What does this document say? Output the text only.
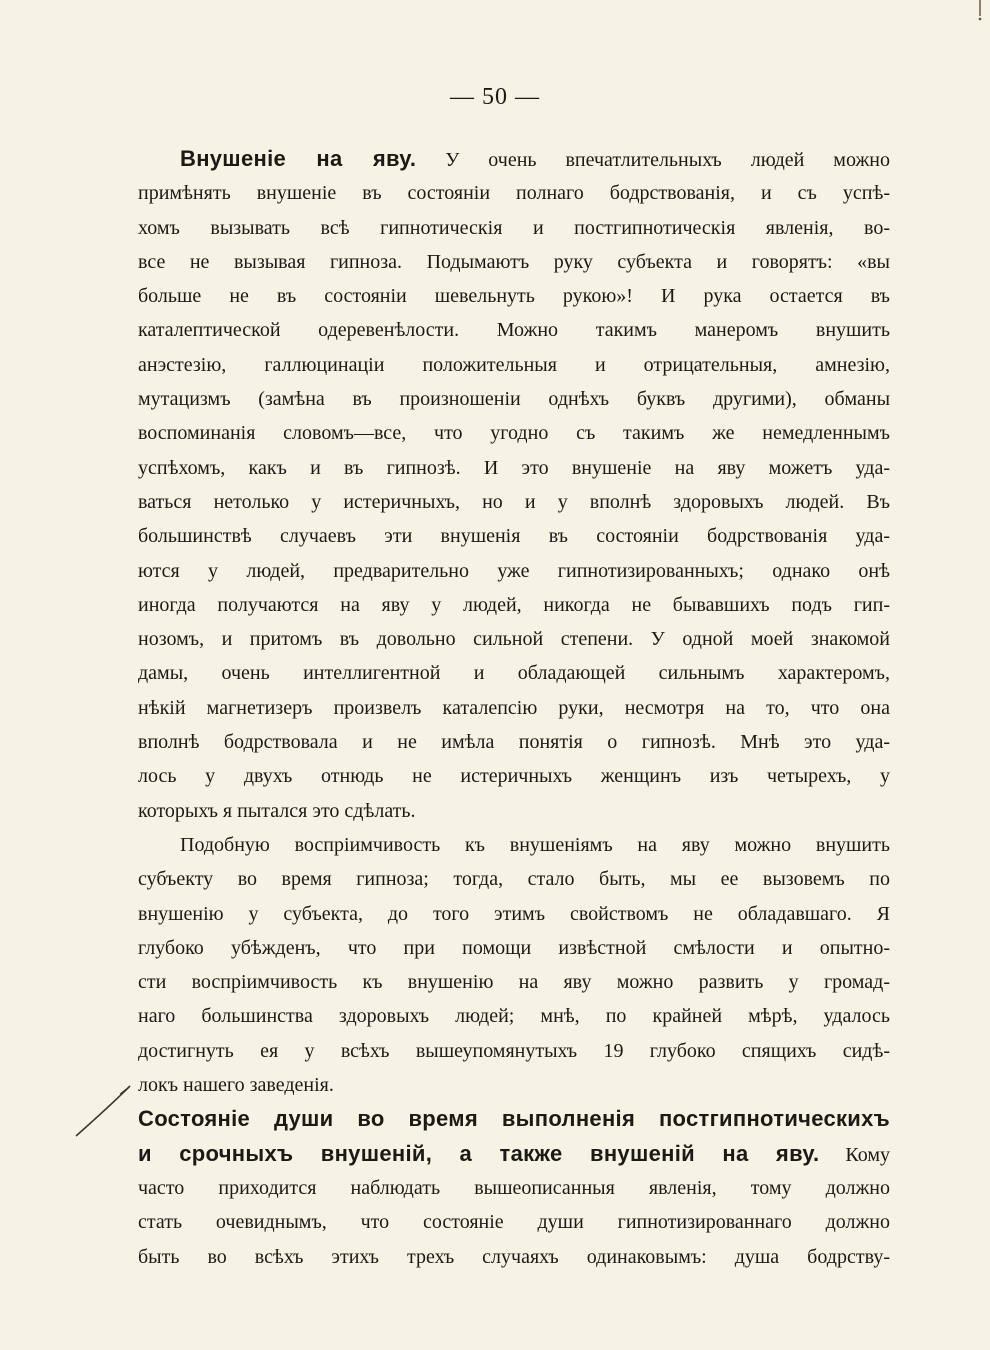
— 50 —
Внушеніе на яву. У очень впечатлительныхъ людей можно
примѣнять внушеніе въ состояніи полнаго бодрствованія, и съ успѣ-
хомъ вызывать всѣ гипнотическія и постгипнотическія явленія, во-
все не вызывая гипноза. Подымаютъ руку субъекта и говорятъ: «вы
больше не въ состояніи шевельнуть рукою»! И рука остается въ
каталептической одеревенѣлости. Можно такимъ манеромъ внушить
анэстезію, галлюцинаціи положительныя и отрицательныя, амнезію,
мутацизмъ (замѣна въ произношеніи однѣхъ буквъ другими), обманы
воспоминанія словомъ—все, что угодно съ такимъ же немедленнымъ
успѣхомъ, какъ и въ гипнозѣ. И это внушеніе на яву можетъ уда-
ваться нетолько у истеричныхъ, но и у вполнѣ здоровыхъ людей. Въ
большинствѣ случаевъ эти внушенія въ состояніи бодрствованія уда-
ются у людей, предварительно уже гипнотизированныхъ; однако онѣ
иногда получаются на яву у людей, никогда не бывавшихъ подъ гип-
нозомъ, и притомъ въ довольно сильной степени. У одной моей знакомой
дамы, очень интеллигентной и обладающей сильнымъ характеромъ,
нѣкій магнетизеръ произвелъ каталепсію руки, несмотря на то, что она
вполнѣ бодрствовала и не имѣла понятія о гипнозѣ. Мнѣ это уда-
лось у двухъ отнюдь не истеричныхъ женщинъ изъ четырехъ, у
которыхъ я пытался это сдѣлать.
Подобную воспріимчивость къ внушеніямъ на яву можно внушить
субъекту во время гипноза; тогда, стало быть, мы ее вызовемъ по
внушенію у субъекта, до того этимъ свойствомъ не обладавшаго. Я
глубоко убѣжденъ, что при помощи извѣстной смѣлости и опытно-
сти воспріимчивость къ внушенію на яву можно развить у громад-
наго большинства здоровыхъ людей; мнѣ, по крайней мѣрѣ, удалось
достигнуть ея у всѣхъ вышеупомянутыхъ 19 глубоко спящихъ сидѣ-
локъ нашего заведенія.
Состояніе души во время выполненія постгипнотическихъ
и срочныхъ внушеній, а также внушеній на яву. Кому
часто приходится наблюдать вышеописанныя явленія, тому должно
стать очевиднымъ, что состояніе души гипнотизированнаго должно
быть во всѣхъ этихъ трехъ случаяхъ одинаковымъ: душа бодрству-
